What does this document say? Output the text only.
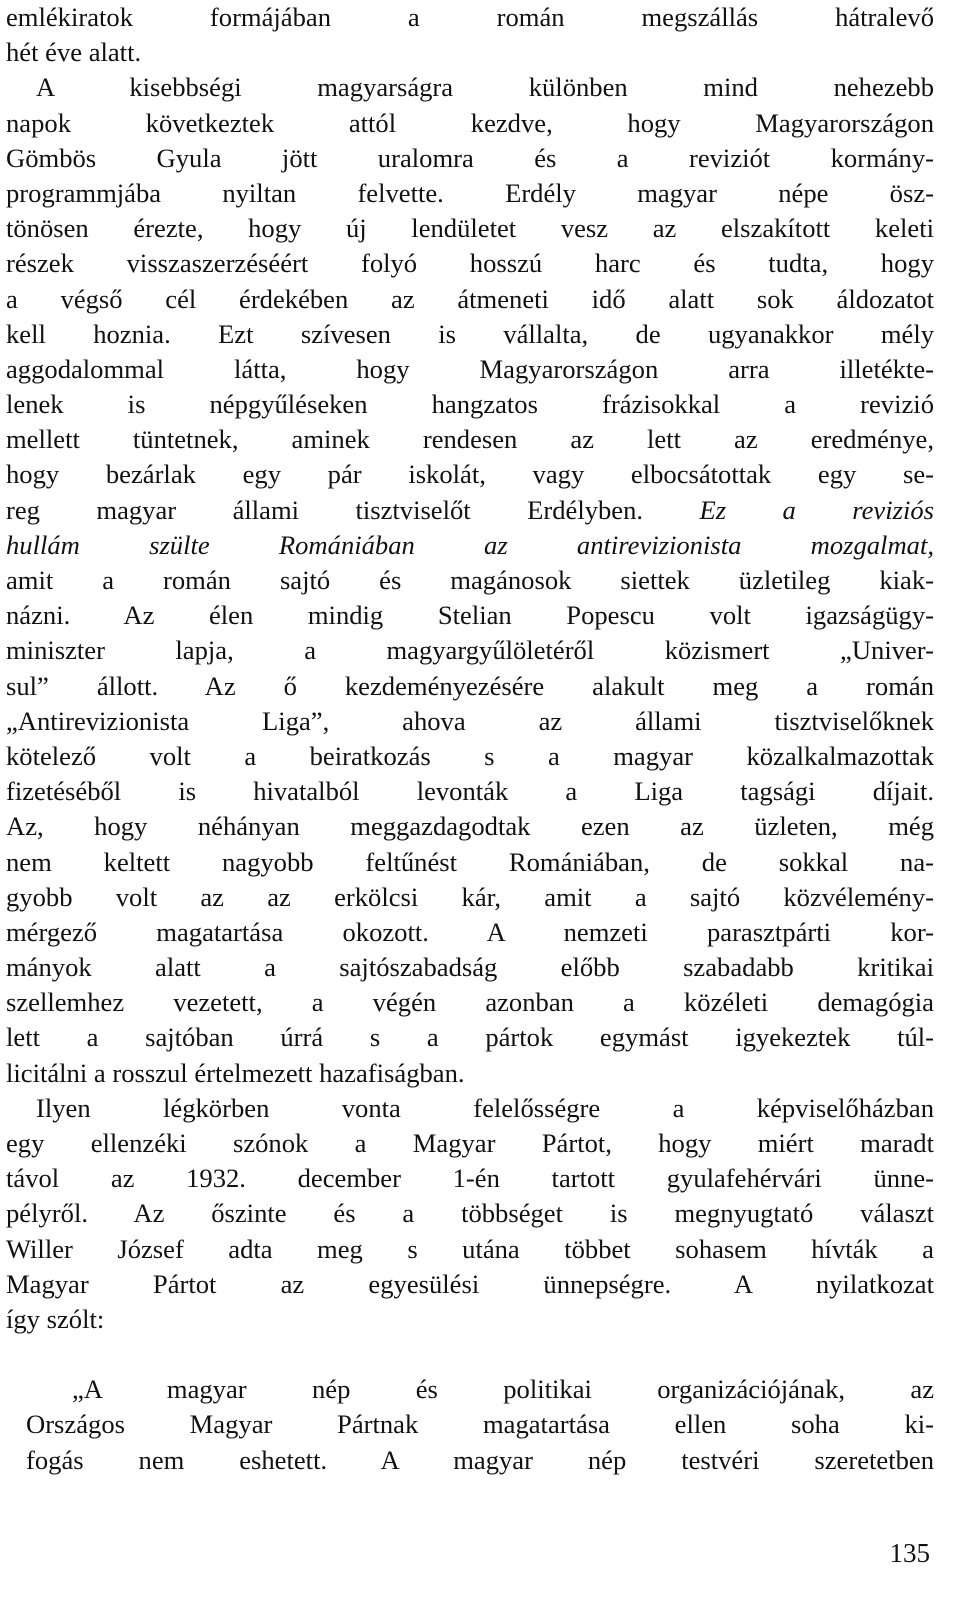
emlékiratok formájában a román megszállás hátralevő
hét éve alatt.
A kisebbségi magyarságra különben mind nehezebb
napok következtek attól kezdve, hogy Magyarországon
Gömbös Gyula jött uralomra és a reviziót kormány-
programmjába nyiltan felvette. Erdély magyar népe ösz-
tönösen érezte, hogy új lendületet vesz az elszakított keleti
részek visszaszerzéséért folyó hosszú harc és tudta, hogy
a végső cél érdekében az átmeneti idő alatt sok áldozatot
kell hoznia. Ezt szívesen is vállalta, de ugyanakkor mély
aggodalommal látta, hogy Magyarországon arra illetékte-
lenek is népgyűléseken hangzatos frázisokkal a revizió
mellett tüntetnek, aminek rendesen az lett az eredménye,
hogy bezárlak egy pár iskolát, vagy elbocsátottak egy se-
reg magyar állami tisztviselőt Erdélyben. Ez a reviziós
hullám szülte Romániában az antirevizionista mozgalmat,
amit a román sajtó és magánosok siettek üzletileg kiak-
názni. Az élen mindig Stelian Popescu volt igazságügy-
miniszter lapja, a magyargyűlöletéről közismert „Univer-
sul” állott. Az ő kezdeményezésére alakult meg a román
„Antirevizionista Liga”, ahova az állami tisztviselőknek
kötelező volt a beiratkozás s a magyar közalkalmazottak
fizetéséből is hivatalból levonták a Liga tagsági díjait.
Az, hogy néhányan meggazdagodtak ezen az üzleten, még
nem keltett nagyobb feltűnést Romániában, de sokkal na-
gyobb volt az az erkölcsi kár, amit a sajtó közvélemény-
mérgező magatartása okozott. A nemzeti parasztpárti kor-
mányok alatt a sajtószabadság előbb szabadabb kritikai
szellemhez vezetett, a végén azonban a közéleti demagógia
lett a sajtóban úrrá s a pártok egymást igyekeztek túl-
licitálni a rosszul értelmezett hazafiságban.
Ilyen légkörben vonta felelősségre a képviselőházban
egy ellenzéki szónok a Magyar Pártot, hogy miért maradt
távol az 1932. december 1-én tartott gyulafehérvári ünne-
pélyről. Az őszinte és a többséget is megnyugtató választ
Willer József adta meg s utána többet sohasem hívták a
Magyar Pártot az egyesülési ünnepségre. A nyilatkozat
így szólt:
„A magyar nép és politikai organizációjának, az
Országos Magyar Pártnak magatartása ellen soha ki-
fogás nem eshetett. A magyar nép testvéri szeretetben
135
